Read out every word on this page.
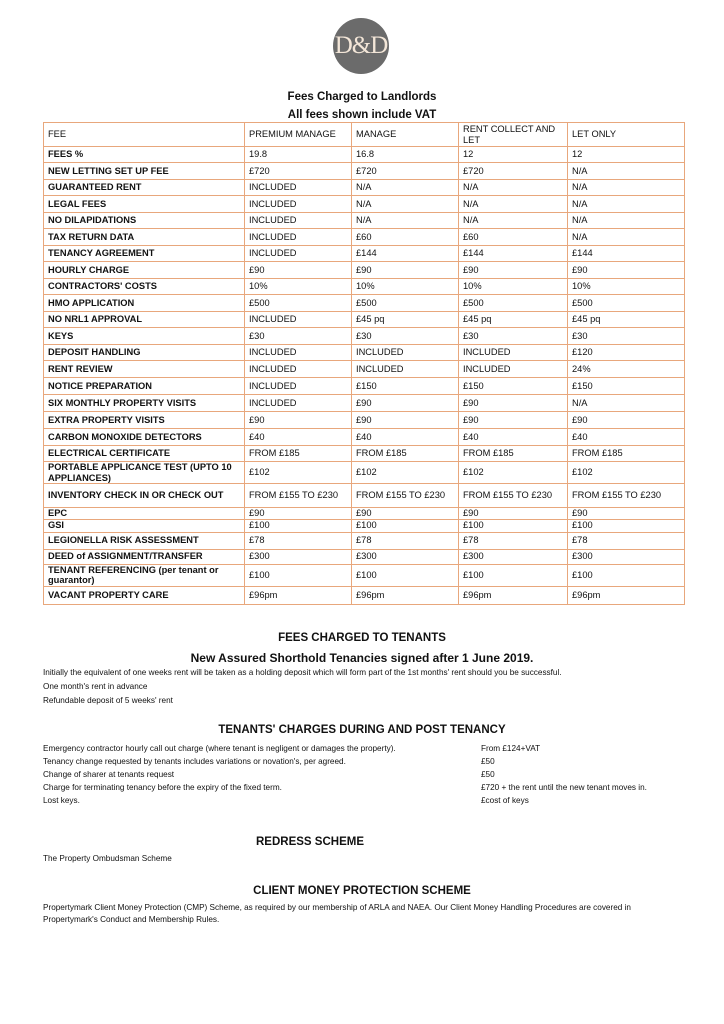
D&D
Fees Charged to Landlords
All fees shown include VAT
FEE	PREMIUM MANAGE	MANAGE	RENT COLLECT AND LET	LET ONLY
FEES %	19.8	16.8	12	12
NEW LETTING SET UP FEE	£720	£720	£720	N/A
GUARANTEED RENT	INCLUDED	N/A	N/A	N/A
LEGAL FEES	INCLUDED	N/A	N/A	N/A
NO DILAPIDATIONS	INCLUDED	N/A	N/A	N/A
TAX RETURN DATA	INCLUDED	£60	£60	N/A
TENANCY AGREEMENT	INCLUDED	£144	£144	£144
HOURLY CHARGE	£90	£90	£90	£90
CONTRACTORS' COSTS	10%	10%	10%	10%
HMO APPLICATION	£500	£500	£500	£500
NO NRL1 APPROVAL	INCLUDED	£45 pq	£45 pq	£45 pq
KEYS	£30	£30	£30	£30
DEPOSIT HANDLING	INCLUDED	INCLUDED	INCLUDED	£120
RENT REVIEW	INCLUDED	INCLUDED	INCLUDED	24%
NOTICE PREPARATION	INCLUDED	£150	£150	£150
SIX MONTHLY PROPERTY VISITS	INCLUDED	£90	£90	N/A
EXTRA PROPERTY VISITS	£90	£90	£90	£90
CARBON MONOXIDE DETECTORS	£40	£40	£40	£40
ELECTRICAL CERTIFICATE	FROM £185	FROM £185	FROM £185	FROM £185
PORTABLE APPLICANCE TEST (UPTO 10 APPLIANCES)	£102	£102	£102	£102
INVENTORY CHECK IN OR CHECK OUT	FROM £155 TO £230	FROM £155 TO £230	FROM £155 TO £230	FROM £155 TO £230
EPC	£90	£90	£90	£90
GSI	£100	£100	£100	£100
LEGIONELLA RISK ASSESSMENT	£78	£78	£78	£78
DEED of ASSIGNMENT/TRANSFER	£300	£300	£300	£300
TENANT REFERENCING (per tenant or guarantor)	£100	£100	£100	£100
VACANT PROPERTY CARE	£96pm	£96pm	£96pm	£96pm
FEES CHARGED TO TENANTS
New Assured Shorthold Tenancies signed after 1 June 2019.
Initially the equivalent of one weeks rent will be taken as a holding deposit which will form part of the 1st months' rent should you be successful.
One month's rent in advance
Refundable deposit of 5 weeks' rent
TENANTS' CHARGES DURING AND POST TENANCY
Emergency contractor hourly call out charge (where tenant is negligent or damages the property).	From £124+VAT
Tenancy change requested by tenants includes variations or novation's, per agreed.	£50
Change of sharer at tenants request	£50
Charge for terminating tenancy before the expiry of the fixed term.	£720 + the rent until the new tenant moves in.
Lost keys.	£cost of keys
REDRESS SCHEME
The Property Ombudsman Scheme
CLIENT MONEY PROTECTION SCHEME
Propertymark Client Money Protection (CMP) Scheme, as required by our membership of ARLA and NAEA. Our Client Money Handling Procedures are covered in Propertymark's Conduct and Membership Rules.
